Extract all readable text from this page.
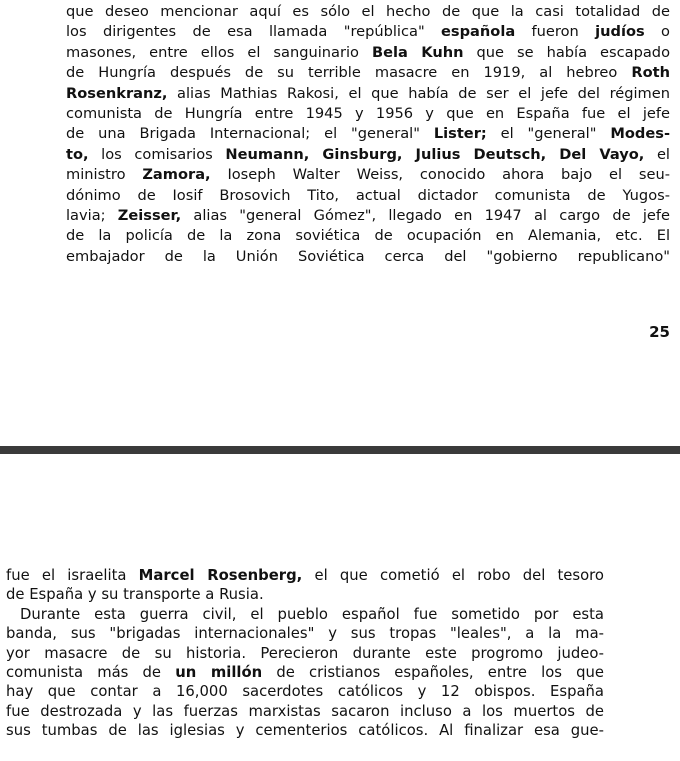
que deseo mencionar aquí es sólo el hecho de que la casi totalidad de
los dirigentes de esa llamada "república" española fueron judíos o
masones, entre ellos el sanguinario Bela Kuhn que se había escapado
de Hungría después de su terrible masacre en 1919, al hebreo Roth
Rosenkranz, alias Mathias Rakosi, el que había de ser el jefe del régimen
comunista de Hungría entre 1945 y 1956 y que en España fue el jefe
de una Brigada Internacional; el "general" Lister; el "general" Modes-
to, los comisarios Neumann, Ginsburg, Julius Deutsch, Del Vayo, el
ministro Zamora, Ioseph Walter Weiss, conocido ahora bajo el seu-
dónimo de Iosif Brosovich Tito, actual dictador comunista de Yugos-
lavia; Zeisser, alias "general Gómez", llegado en 1947 al cargo de jefe
de la policía de la zona soviética de ocupación en Alemania, etc. El
embajador de la Unión Soviética cerca del "gobierno republicano"
25
fue el israelita Marcel Rosenberg, el que cometió el robo del tesoro
de España y su transporte a Rusia.
Durante esta guerra civil, el pueblo español fue sometido por esta
banda, sus "brigadas internacionales" y sus tropas "leales", a la ma-
yor masacre de su historia. Perecieron durante este progromo judeo-
comunista más de un millón de cristianos españoles, entre los que
hay que contar a 16,000 sacerdotes católicos y 12 obispos. España
fue destrozada y las fuerzas marxistas sacaron incluso a los muertos de
sus tumbas de las iglesias y cementerios católicos. Al finalizar esa gue-
